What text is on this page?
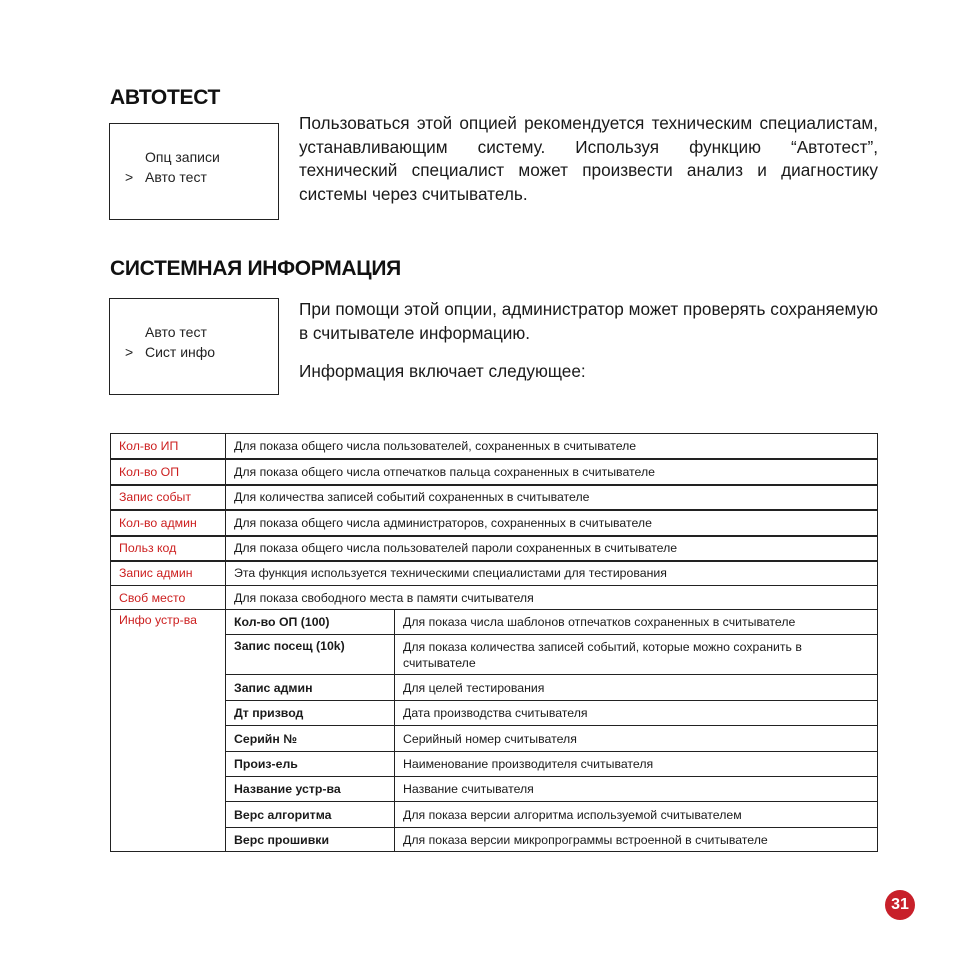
АВТОТЕСТ
Опц записи
> Авто тест

Пользоваться этой опцией рекомендуется техническим специалистам, устанавливающим систему. Используя функцию “Автотест”, технический специалист может произвести анализ и диагностику системы через считыватель.

СИСТЕМНАЯ ИНФОРМАЦИЯ
Авто тест
> Сист инфо

При помощи этой опции, администратор может проверять сохраняемую в считывателе информацию.

Информация включает следующее:

Кол-во ИП	Для показа общего числа пользователей, сохраненных в считывателе	
Кол-во ОП	Для показа общего числа отпечатков пальца сохраненных в считывателе	
Запис событ	Для количества записей событий сохраненных в считывателе	
Кол-во админ	Для показа общего числа администраторов, сохраненных в считывателе	
Польз код	Для показа общего числа пользователей пароли сохраненных в считывателе	
Запис админ	Эта функция используется техническими специалистами для тестирования	
Своб место	Для показа свободного места в памяти считывателя	
Инфо устр-ва	Кол-во ОП (100)	Для показа числа шаблонов отпечатков сохраненных в считывателе
	Запис посещ (10k)	Для показа количества записей событий, которые можно сохранить в считывателе
	Запис админ	Для целей тестирования
	Дт призвод	Дата производства считывателя
	Серийн №	Серийный номер считывателя
	Произ-ель	Наименование производителя считывателя
	Название устр-ва	Название считывателя
	Верс алгоритма	Для показа версии алгоритма используемой считывателем
	Верс прошивки	Для показа версии микропрограммы встроенной в считывателе
31
